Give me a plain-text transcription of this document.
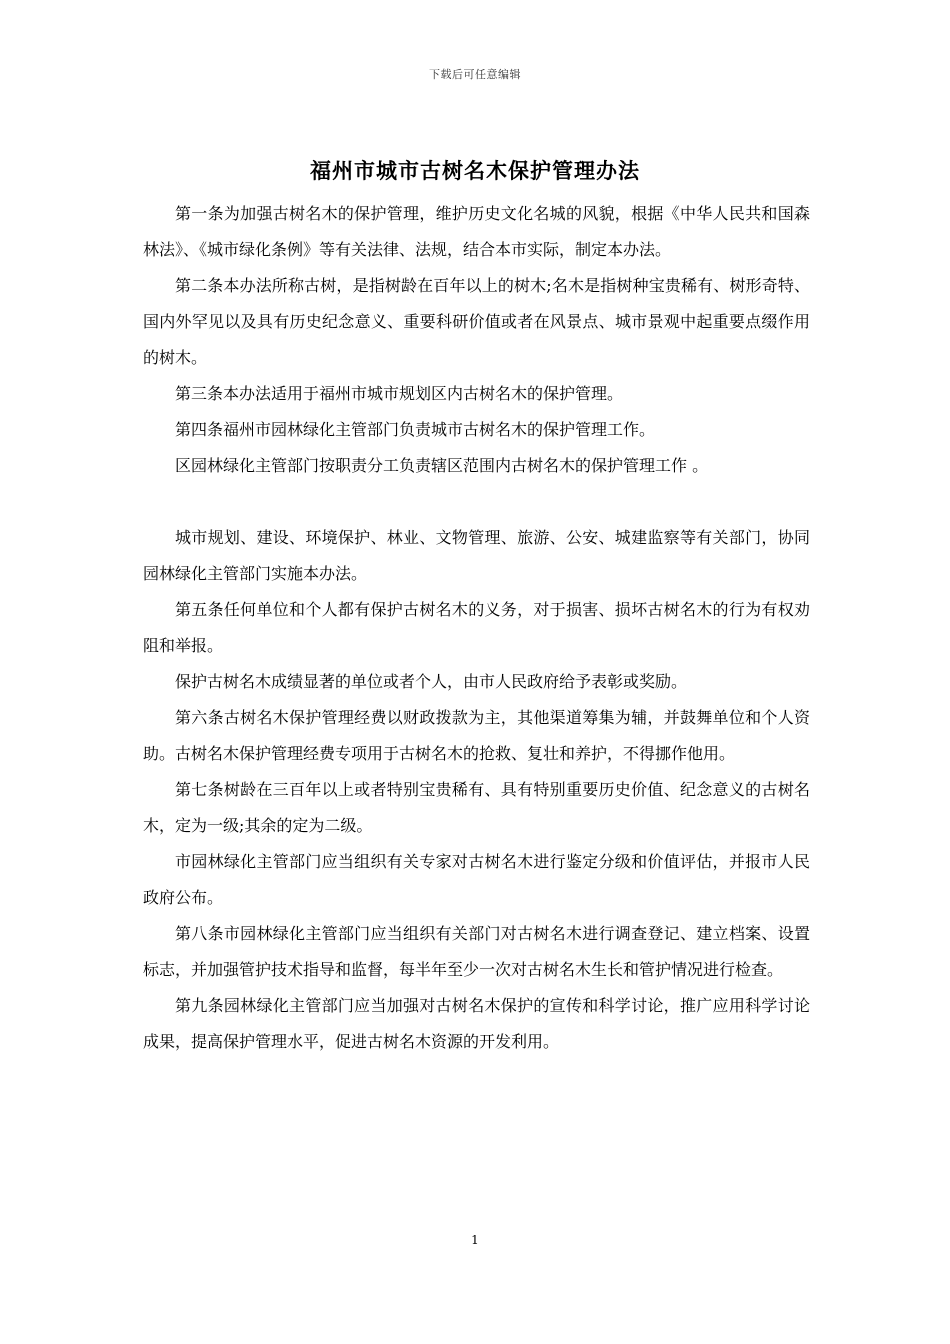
下载后可任意编辑
福州市城市古树名木保护管理办法

第一条为加强古树名木的保护管理，维护历史文化名城的风貌，根据《中华人民共和国森林法》、《城市绿化条例》等有关法律、法规，结合本市实际，制定本办法。

第二条本办法所称古树，是指树龄在百年以上的树木;名木是指树种宝贵稀有、树形奇特、国内外罕见以及具有历史纪念意义、重要科研价值或者在风景点、城市景观中起重要点缀作用的树木。

第三条本办法适用于福州市城市规划区内古树名木的保护管理。

第四条福州市园林绿化主管部门负责城市古树名木的保护管理工作。

区园林绿化主管部门按职责分工负责辖区范围内古树名木的保护管理工作 。

城市规划、建设、环境保护、林业、文物管理、旅游、公安、城建监察等有关部门，协同园林绿化主管部门实施本办法。

第五条任何单位和个人都有保护古树名木的义务，对于损害、损坏古树名木的行为有权劝阻和举报。

保护古树名木成绩显著的单位或者个人，由市人民政府给予表彰或奖励。

第六条古树名木保护管理经费以财政拨款为主，其他渠道筹集为辅，并鼓舞单位和个人资助。古树名木保护管理经费专项用于古树名木的抢救、复壮和养护，不得挪作他用。

第七条树龄在三百年以上或者特别宝贵稀有、具有特别重要历史价值、纪念意义的古树名木，定为一级;其余的定为二级。

市园林绿化主管部门应当组织有关专家对古树名木进行鉴定分级和价值评估，并报市人民政府公布。

第八条市园林绿化主管部门应当组织有关部门对古树名木进行调查登记、建立档案、设置标志，并加强管护技术指导和监督，每半年至少一次对古树名木生长和管护情况进行检查。

第九条园林绿化主管部门应当加强对古树名木保护的宣传和科学讨论，推广应用科学讨论成果，提高保护管理水平，促进古树名木资源的开发利用。

1
